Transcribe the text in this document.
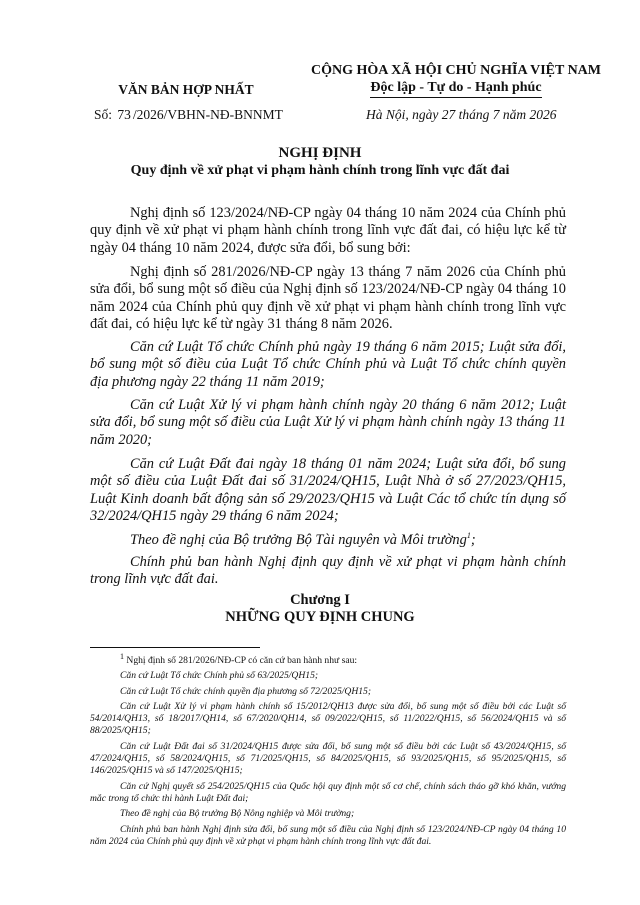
VĂN BẢN HỢP NHẤT
CỘNG HÒA XÃ HỘI CHỦ NGHĨA VIỆT NAM
Độc lập - Tự do - Hạnh phúc
Số: 73 /2026/VBHN-NĐ-BNNMT	Hà Nội, ngày 27 tháng 7 năm 2026
NGHỊ ĐỊNH
Quy định về xử phạt vi phạm hành chính trong lĩnh vực đất đai

Nghị định số 123/2024/NĐ-CP ngày 04 tháng 10 năm 2024 của Chính phủ quy định về xử phạt vi phạm hành chính trong lĩnh vực đất đai, có hiệu lực kể từ ngày 04 tháng 10 năm 2024, được sửa đổi, bổ sung bởi:

Nghị định số 281/2026/NĐ-CP ngày 13 tháng 7 năm 2026 của Chính phủ sửa đổi, bổ sung một số điều của Nghị định số 123/2024/NĐ-CP ngày 04 tháng 10 năm 2024 của Chính phủ quy định về xử phạt vi phạm hành chính trong lĩnh vực đất đai, có hiệu lực kể từ ngày 31 tháng 8 năm 2026.

Căn cứ Luật Tổ chức Chính phủ ngày 19 tháng 6 năm 2015; Luật sửa đổi, bổ sung một số điều của Luật Tổ chức Chính phủ và Luật Tổ chức chính quyền địa phương ngày 22 tháng 11 năm 2019;

Căn cứ Luật Xử lý vi phạm hành chính ngày 20 tháng 6 năm 2012; Luật sửa đổi, bổ sung một số điều của Luật Xử lý vi phạm hành chính ngày 13 tháng 11 năm 2020;

Căn cứ Luật Đất đai ngày 18 tháng 01 năm 2024; Luật sửa đổi, bổ sung một số điều của Luật Đất đai số 31/2024/QH15, Luật Nhà ở số 27/2023/QH15, Luật Kinh doanh bất động sản số 29/2023/QH15 và Luật Các tổ chức tín dụng số 32/2024/QH15 ngày 29 tháng 6 năm 2024;

Theo đề nghị của Bộ trưởng Bộ Tài nguyên và Môi trường$^1$;

Chính phủ ban hành Nghị định quy định về xử phạt vi phạm hành chính trong lĩnh vực đất đai.

Chương I
NHỮNG QUY ĐỊNH CHUNG

$^1$ Nghị định số 281/2026/NĐ-CP có căn cứ ban hành như sau:

Căn cứ Luật Tổ chức Chính phủ số 63/2025/QH15;

Căn cứ Luật Tổ chức chính quyền địa phương số 72/2025/QH15;

Căn cứ Luật Xử lý vi phạm hành chính số 15/2012/QH13 được sửa đổi, bổ sung một số điều bởi các Luật số 54/2014/QH13, số 18/2017/QH14, số 67/2020/QH14, số 09/2022/QH15, số 11/2022/QH15, số 56/2024/QH15 và số 88/2025/QH15;

Căn cứ Luật Đất đai số 31/2024/QH15 được sửa đổi, bổ sung một số điều bởi các Luật số 43/2024/QH15, số 47/2024/QH15, số 58/2024/QH15, số 71/2025/QH15, số 84/2025/QH15, số 93/2025/QH15, số 95/2025/QH15, số 146/2025/QH15 và số 147/2025/QH15;

Căn cứ Nghị quyết số 254/2025/QH15 của Quốc hội quy định một số cơ chế, chính sách tháo gỡ khó khăn, vướng mắc trong tổ chức thi hành Luật Đất đai;

Theo đề nghị của Bộ trưởng Bộ Nông nghiệp và Môi trường;

Chính phủ ban hành Nghị định sửa đổi, bổ sung một số điều của Nghị định số 123/2024/NĐ-CP ngày 04 tháng 10 năm 2024 của Chính phủ quy định về xử phạt vi phạm hành chính trong lĩnh vực đất đai.
